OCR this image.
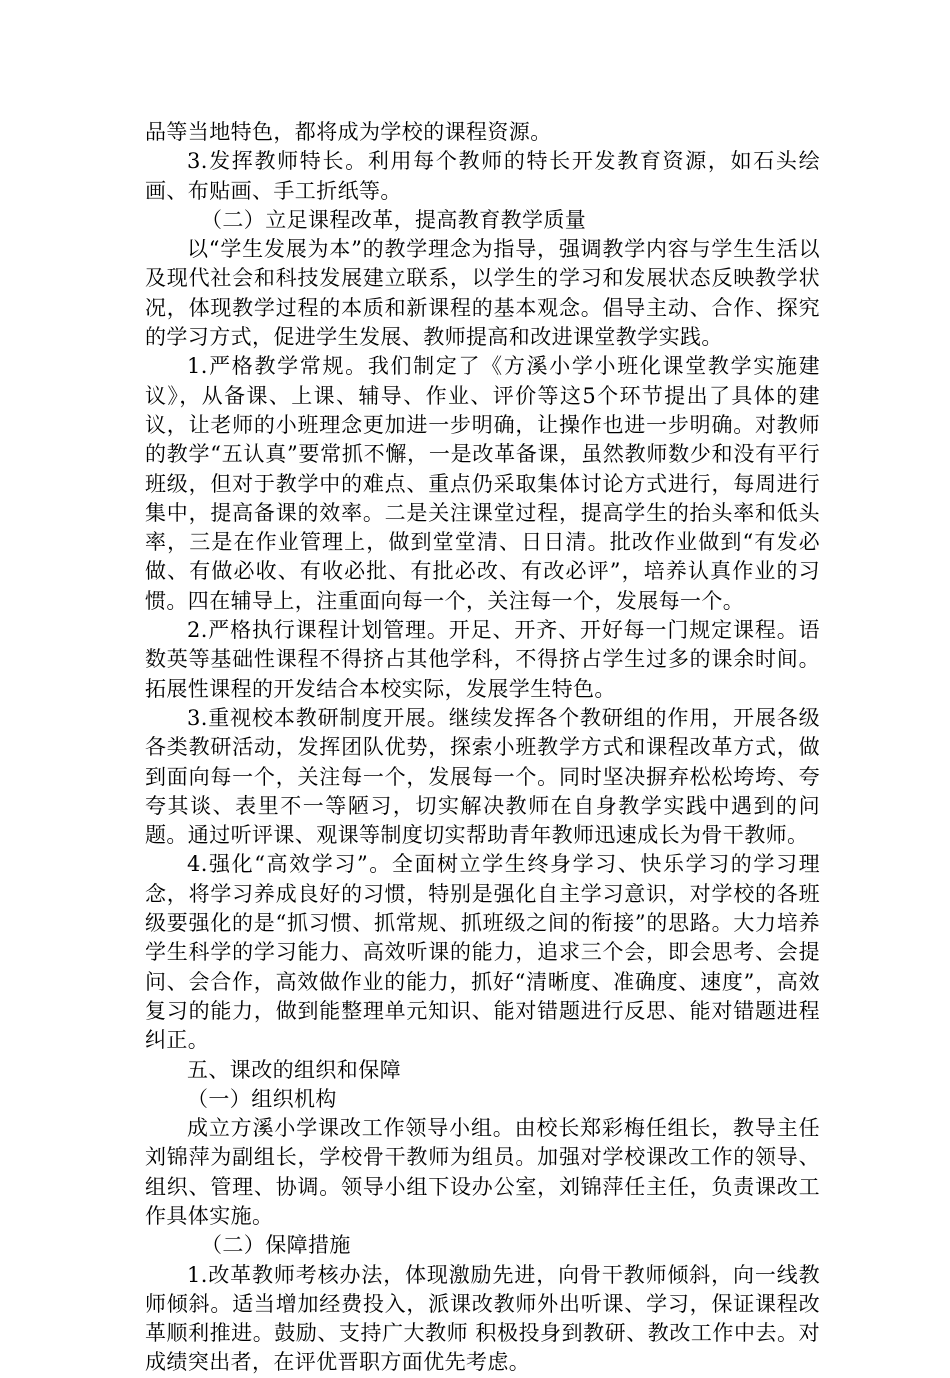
品等当地特色，都将成为学校的课程资源。

3.发挥教师特长。利用每个教师的特长开发教育资源，如石头绘画、布贴画、手工折纸等。

（二）立足课程改革，提高教育教学质量

以“学生发展为本”的教学理念为指导，强调教学内容与学生生活以及现代社会和科技发展建立联系，以学生的学习和发展状态反映教学状况，体现教学过程的本质和新课程的基本观念。倡导主动、合作、探究的学习方式，促进学生发展、教师提高和改进课堂教学实践。

1.严格教学常规。我们制定了《方溪小学小班化课堂教学实施建议》，从备课、上课、辅导、作业、评价等这5个环节提出了具体的建议，让老师的小班理念更加进一步明确，让操作也进一步明确。对教师的教学“五认真”要常抓不懈，一是改革备课，虽然教师数少和没有平行班级，但对于教学中的难点、重点仍采取集体讨论方式进行，每周进行集中，提高备课的效率。二是关注课堂过程，提高学生的抬头率和低头率，三是在作业管理上，做到堂堂清、日日清。批改作业做到“有发必做、有做必收、有收必批、有批必改、有改必评”，培养认真作业的习惯。四在辅导上，注重面向每一个，关注每一个，发展每一个。

2.严格执行课程计划管理。开足、开齐、开好每一门规定课程。语数英等基础性课程不得挤占其他学科，不得挤占学生过多的课余时间。拓展性课程的开发结合本校实际，发展学生特色。

3.重视校本教研制度开展。继续发挥各个教研组的作用，开展各级各类教研活动，发挥团队优势，探索小班教学方式和课程改革方式，做到面向每一个，关注每一个，发展每一个。同时坚决摒弃松松垮垮、夸夸其谈、表里不一等陋习，切实解决教师在自身教学实践中遇到的问题。通过听评课、观课等制度切实帮助青年教师迅速成长为骨干教师。

4.强化“高效学习”。全面树立学生终身学习、快乐学习的学习理念，将学习养成良好的习惯，特别是强化自主学习意识，对学校的各班级要强化的是“抓习惯、抓常规、抓班级之间的衔接”的思路。大力培养学生科学的学习能力、高效听课的能力，追求三个会，即会思考、会提问、会合作，高效做作业的能力，抓好“清晰度、准确度、速度”，高效复习的能力，做到能整理单元知识、能对错题进行反思、能对错题进程纠正。

五、课改的组织和保障

（一）组织机构

成立方溪小学课改工作领导小组。由校长郑彩梅任组长，教导主任刘锦萍为副组长，学校骨干教师为组员。加强对学校课改工作的领导、组织、管理、协调。领导小组下设办公室，刘锦萍任主任，负责课改工作具体实施。

（二）保障措施

1.改革教师考核办法，体现激励先进，向骨干教师倾斜，向一线教师倾斜。适当增加经费投入，派课改教师外出听课、学习，保证课程改革顺利推进。鼓励、支持广大教师 积极投身到教研、教改工作中去。对成绩突出者，在评优晋职方面优先考虑。
